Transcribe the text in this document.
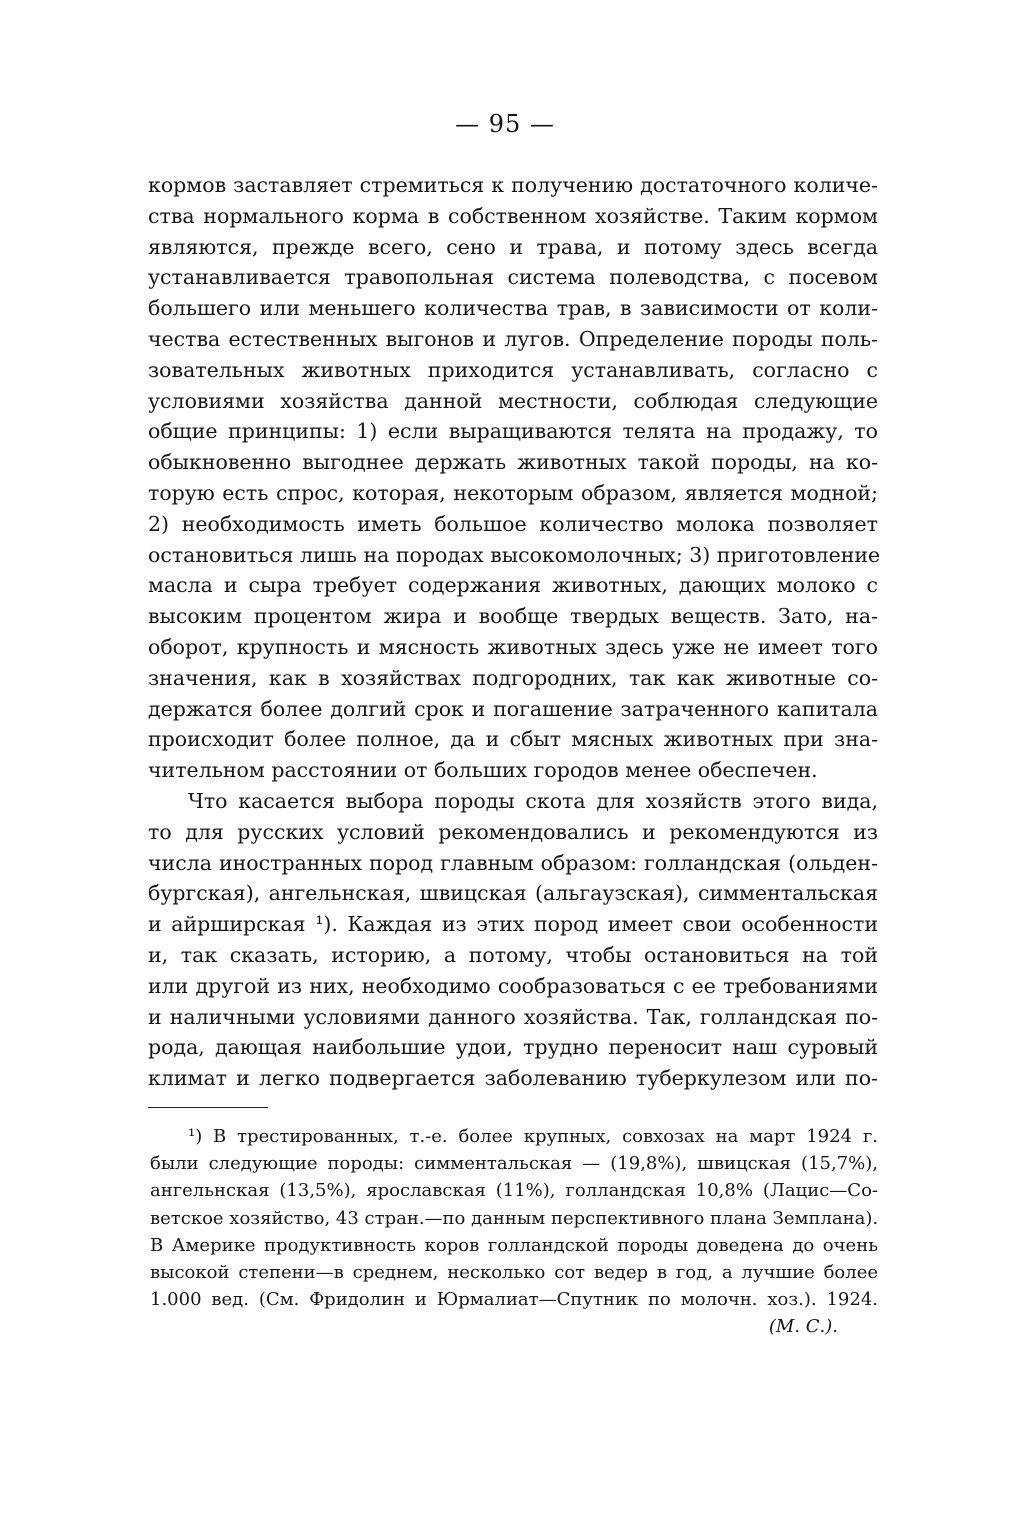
— 95 —
кормов заставляет стремиться к получению достаточного количе-
ства нормального корма в собственном хозяйстве. Таким кормом
являются, прежде всего, сено и трава, и потому здесь всегда
устанавливается травопольная система полеводства, с посевом
большего или меньшего количества трав, в зависимости от коли-
чества естественных выгонов и лугов. Определение породы поль-
зовательных животных приходится устанавливать, согласно с
условиями хозяйства данной местности, соблюдая следующие
общие принципы: 1) если выращиваются телята на продажу, то
обыкновенно выгоднее держать животных такой породы, на ко-
торую есть спрос, которая, некоторым образом, является модной;
2) необходимость иметь большое количество молока позволяет
остановиться лишь на породах высокомолочных; 3) приготовление
масла и сыра требует содержания животных, дающих молоко с
высоким процентом жира и вообще твердых веществ. Зато, на-
оборот, крупность и мясность животных здесь уже не имеет того
значения, как в хозяйствах подгородних, так как животные со-
держатся более долгий срок и погашение затраченного капитала
происходит более полное, да и сбыт мясных животных при зна-
чительном расстоянии от больших городов менее обеспечен.
Что касается выбора породы скота для хозяйств этого вида,
то для русских условий рекомендовались и рекомендуются из
числа иностранных пород главным образом: голландская (ольден-
бургская), ангельнская, швицская (альгаузская), симментальская
и айрширская ¹). Каждая из этих пород имеет свои особенности
и, так сказать, историю, а потому, чтобы остановиться на той
или другой из них, необходимо сообразоваться с ее требованиями
и наличными условиями данного хозяйства. Так, голландская по-
рода, дающая наибольшие удои, трудно переносит наш суровый
климат и легко подвергается заболеванию туберкулезом или по-
¹) В трестированных, т.-е. более крупных, совхозах на март 1924 г.
были следующие породы: симментальская — (19,8%), швицская (15,7%),
ангельнская (13,5%), ярославская (11%), голландская 10,8% (Лацис—Со-
ветское хозяйство, 43 стран.—по данным перспективного плана Земплана).
В Америке продуктивность коров голландской породы доведена до очень
высокой степени—в среднем, несколько сот ведер в год, а лучшие более
1.000 вед. (См. Фридолин и Юрмалиат—Спутник по молочн. хоз.). 1924.
(М. С.).
